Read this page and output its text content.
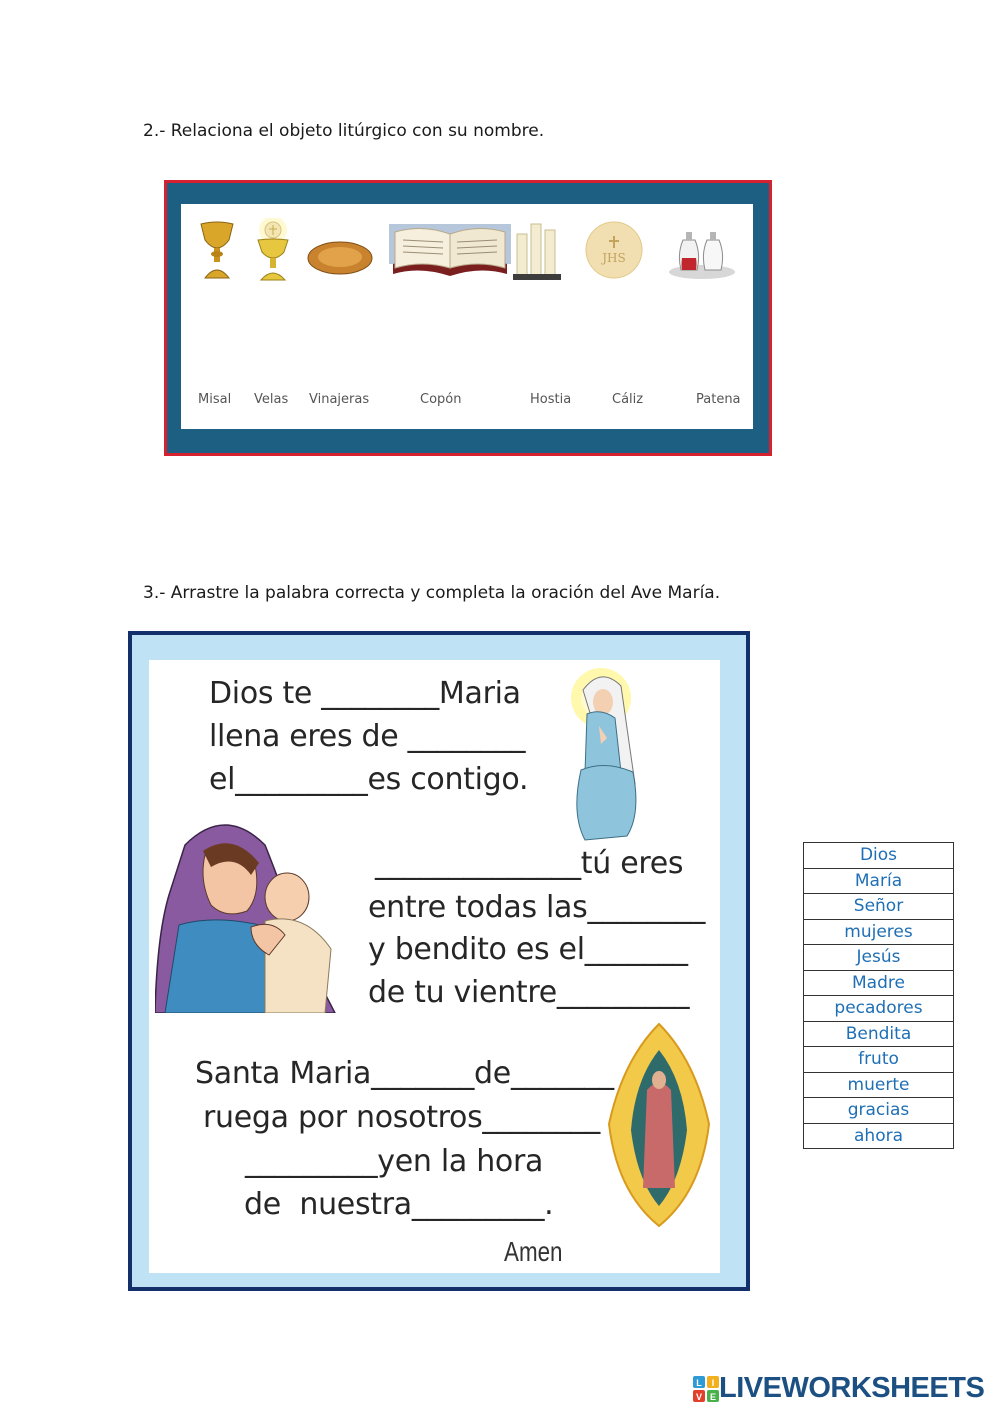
2.- Relaciona el objeto litúrgico con su nombre.
JHS
Misal Velas Vinajeras	Copón	Hostia	Cáliz	Patena
3.- Arrastre la palabra correcta y completa la oración del Ave María.
Dios te ________Maria
llena eres de ________
el_________es contigo.
______________tú eres
entre todas las________
y bendito es el_______
de tu vientre_________
Santa Maria_______de_______
ruega por nosotros________
_________yen la hora
de  nuestra_________.
Amen
Dios
María
Señor
mujeres
Jesús
Madre
pecadores
Bendita
fruto
muerte
gracias
ahora
L I
V E LIVEWORKSHEETS
